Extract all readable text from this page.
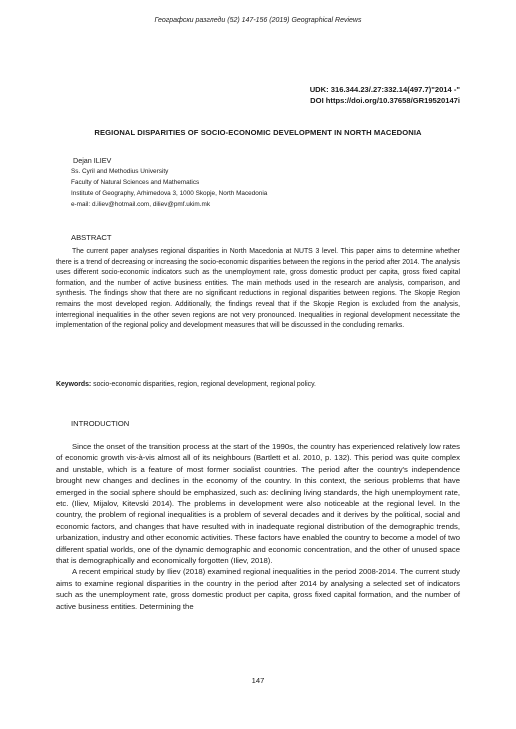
Географски разгледи (52) 147-156 (2019) Geographical Reviews
UDK: 316.344.23/.27:332.14(497.7)"2014 -"
DOI https://doi.org/10.37658/GR19520147i
REGIONAL DISPARITIES OF SOCIO-ECONOMIC DEVELOPMENT IN NORTH MACEDONIA
Dejan ILIEV
Ss. Cyril and Methodius University
Faculty of Natural Sciences and Mathematics
Institute of Geography, Arhimedova 3, 1000 Skopje, North Macedonia
e-mail: d.iliev@hotmail.com, diliev@pmf.ukim.mk
ABSTRACT
The current paper analyses regional disparities in North Macedonia at NUTS 3 level. This paper aims to determine whether there is a trend of decreasing or increasing the socio-economic disparities between the regions in the period after 2014. The analysis uses different socio-economic indicators such as the unemployment rate, gross domestic product per capita, gross fixed capital formation, and the number of active business entities. The main methods used in the research are analysis, comparison, and synthesis. The findings show that there are no significant reductions in regional disparities between regions. The Skopje Region remains the most developed region. Additionally, the findings reveal that if the Skopje Region is excluded from the analysis, interregional inequalities in the other seven regions are not very pronounced. Inequalities in regional development necessitate the implementation of the regional policy and development measures that will be discussed in the concluding remarks.
Keywords: socio-economic disparities, region, regional development, regional policy.
INTRODUCTION

Since the onset of the transition process at the start of the 1990s, the country has experienced relatively low rates of economic growth vis-à-vis almost all of its neighbours (Bartlett et al. 2010, p. 132). This period was quite complex and unstable, which is a feature of most former socialist countries. The period after the country's independence brought new changes and declines in the economy of the country. In this context, the serious problems that have emerged in the social sphere should be emphasized, such as: declining living standards, the high unemployment rate, etc. (Iliev, Mijalov, Kitevski 2014). The problems in development were also noticeable at the regional level. In the country, the problem of regional inequalities is a problem of several decades and it derives by the political, social and economic factors, and changes that have resulted with in inadequate regional distribution of the demographic trends, urbanization, industry and other economic activities. These factors have enabled the country to become a model of two different spatial worlds, one of the dynamic demographic and economic concentration, and the other of unused space that is demographically and economically forgotten (Iliev, 2018).

A recent empirical study by Iliev (2018) examined regional inequalities in the period 2008-2014. The current study aims to examine regional disparities in the country in the period after 2014 by analysing a selected set of indicators such as the unemployment rate, gross domestic product per capita, gross fixed capital formation, and the number of active business entities. Determining the

147
